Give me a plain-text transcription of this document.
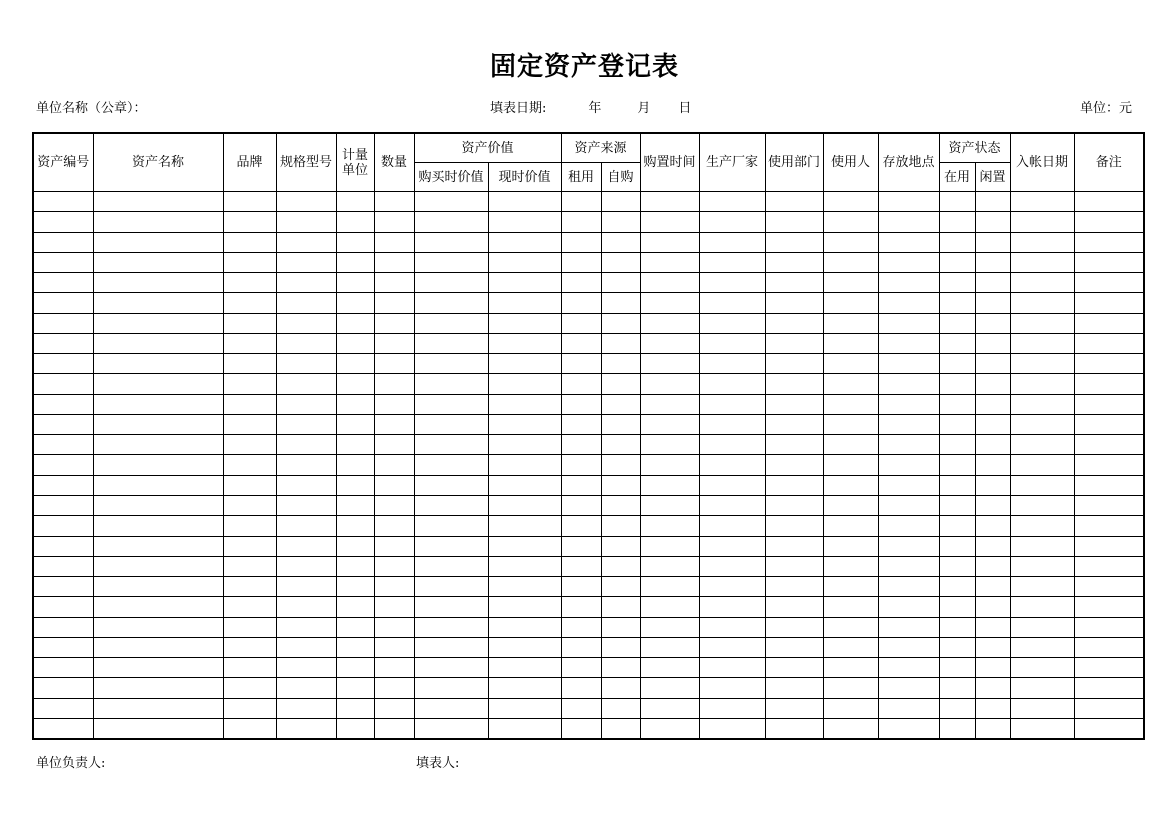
固定资产登记表
单位名称（公章）：	填表日期:	年	月 日	单位：元
资产编号	资产名称	品牌	规格型号	计量单位	数量	资产价值		资产来源		购置时间	生产厂家	使用部门	使用人	存放地点	资产状态		入帐日期	备注
						购买时价值	现时价值	租用	自购						在用	闲置		

单位负责人:	填表人:
